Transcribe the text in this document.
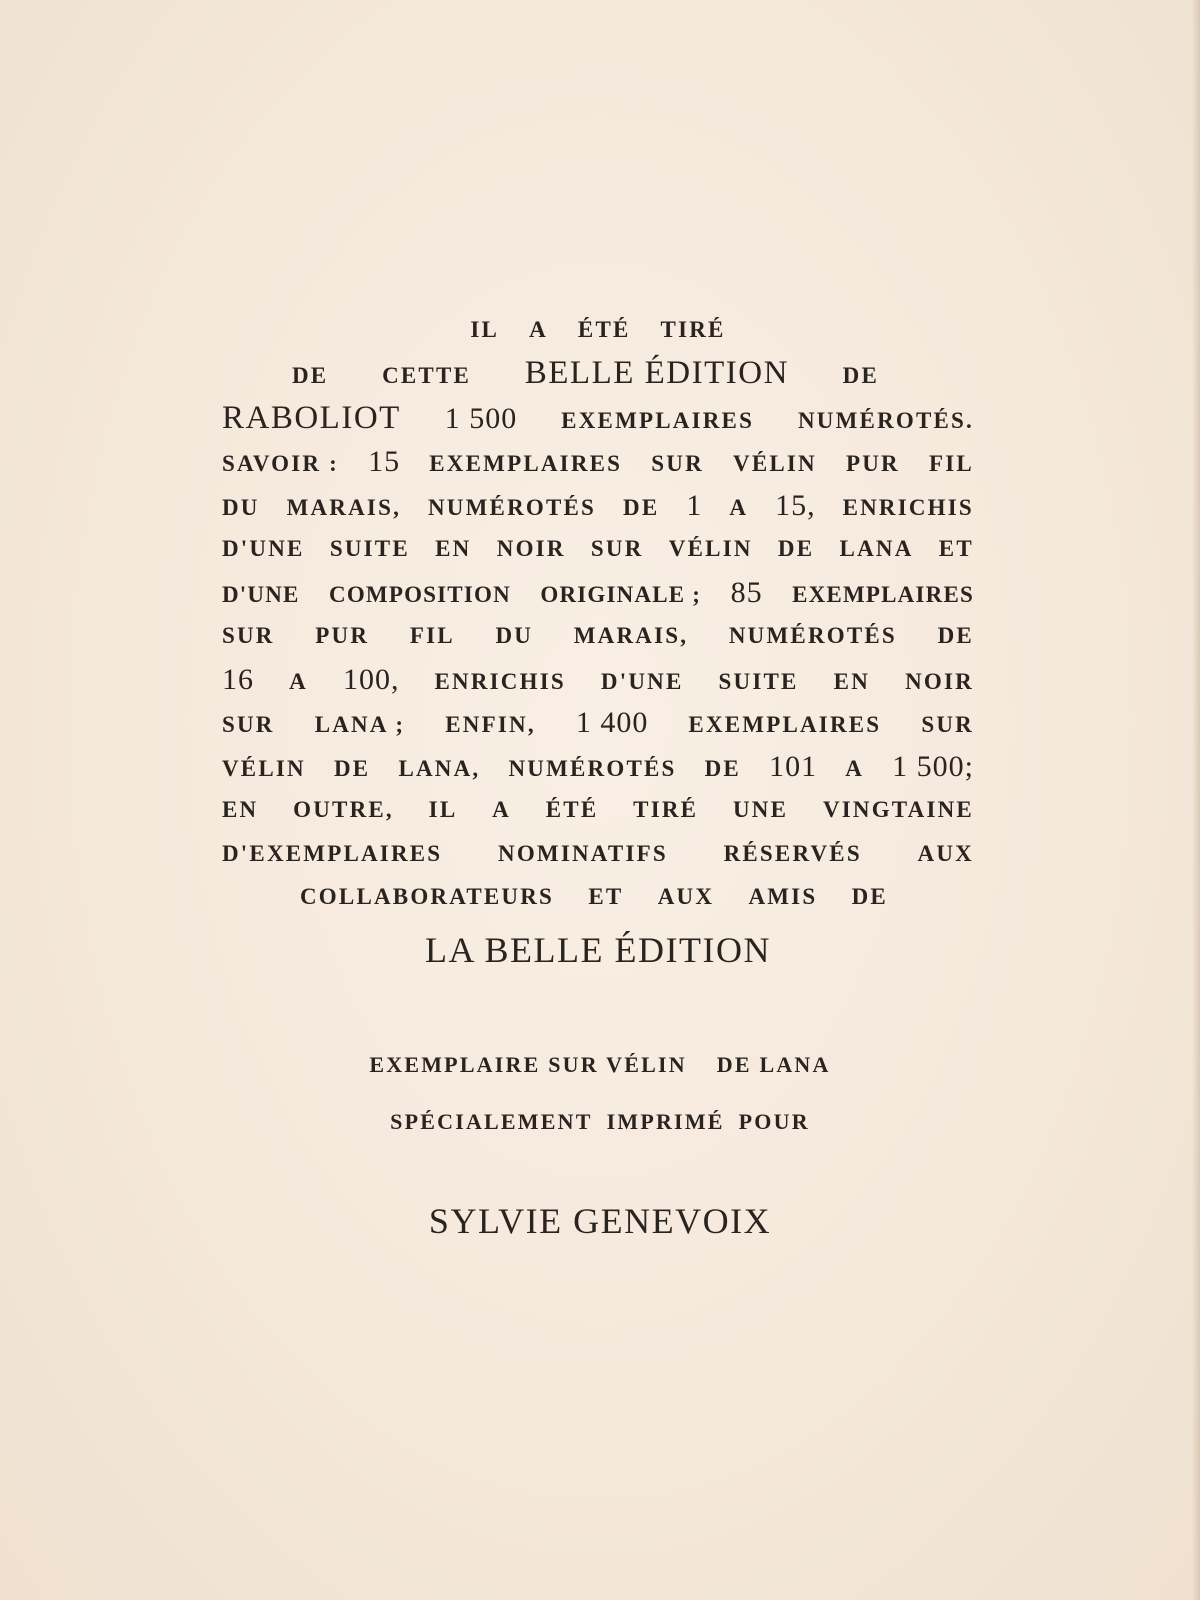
IL A ÉTÉ TIRÉ
DE CETTE BELLE ÉDITION DE
RABOLIOT 1 500 EXEMPLAIRES NUMÉROTÉS.
SAVOIR : 15 EXEMPLAIRES SUR VÉLIN PUR FIL
DU MARAIS, NUMÉROTÉS DE 1 A 15, ENRICHIS
D'UNE SUITE EN NOIR SUR VÉLIN DE LANA ET
D'UNE COMPOSITION ORIGINALE ; 85 EXEMPLAIRES
SUR PUR FIL DU MARAIS, NUMÉROTÉS DE
16 A 100, ENRICHIS D'UNE SUITE EN NOIR
SUR LANA ; ENFIN, 1 400 EXEMPLAIRES SUR
VÉLIN DE LANA, NUMÉROTÉS DE 101 A 1 500;
EN OUTRE, IL A ÉTÉ TIRÉ UNE VINGTAINE
D'EXEMPLAIRES NOMINATIFS RÉSERVÉS AUX
COLLABORATEURS ET AUX AMIS DE
LA BELLE ÉDITION
EXEMPLAIRE SUR VÉLIN DE LANA
SPÉCIALEMENT IMPRIMÉ POUR
SYLVIE GENEVOIX
